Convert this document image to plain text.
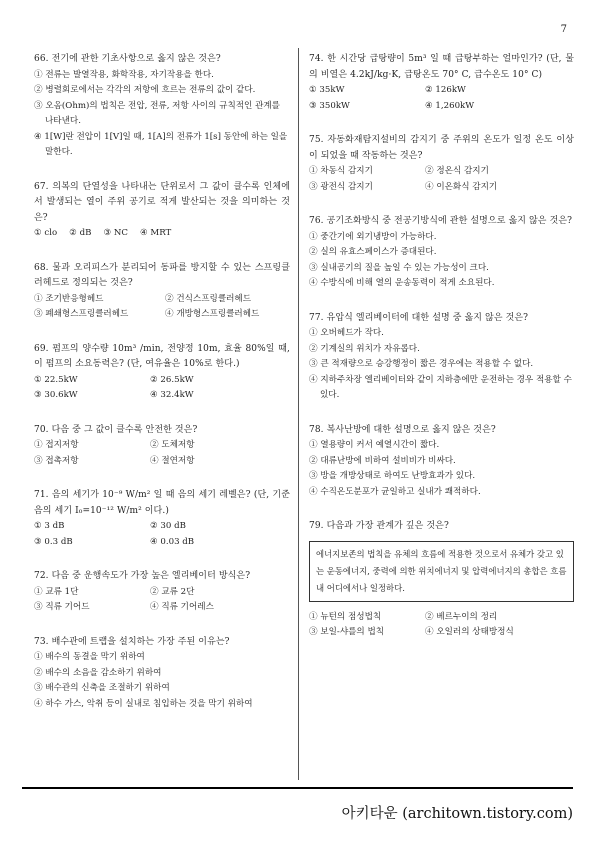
7
66. 전기에 관한 기초사항으로 옳지 않은 것은?
① 전류는 발열작용, 화학작용, 자기작용을 한다.
② 병렬회로에서는 각각의 저항에 흐르는 전류의 값이 같다.
③ 오옴(Ohm)의 법칙은 전압, 전류, 저항 사이의 규칙적인 관계를 나타낸다.
④ 1[W]란 전압이 1[V]일 때, 1[A]의 전류가 1[s] 동안에 하는 일을 말한다.
67. 의복의 단열성을 나타내는 단위로서 그 값이 클수록 인체에서 발생되는 열이 주위 공기로 적게 발산되는 것을 의미하는 것은?
① clo ② dB ③ NC ④ MRT
68. 물과 오리피스가 분리되어 동파를 방지할 수 있는 스프링클러헤드로 정의되는 것은?
① 조기반응형헤드	② 건식스프링클러헤드
③ 폐쇄형스프링클러헤드	④ 개방형스프링클러헤드
69. 펌프의 양수량 10m³ /min, 전양정 10m, 효율 80%일 때, 이 펌프의 소요동력은? (단, 여유율은 10%로 한다.)
① 22.5kW	② 26.5kW
③ 30.6kW	④ 32.4kW
70. 다음 중 그 값이 클수록 안전한 것은?
① 접지저항	② 도체저항
③ 접촉저항	④ 절연저항
71. 음의 세기가 10⁻⁹ W/m² 일 때 음의 세기 레벨은? (단, 기준음의 세기 I₀=10⁻¹² W/m² 이다.)
① 3 dB	② 30 dB
③ 0.3 dB	④ 0.03 dB
72. 다음 중 운행속도가 가장 높은 엘리베이터 방식은?
① 교류 1단	② 교류 2단
③ 직류 기어드	④ 직류 기어레스
73. 배수관에 트랩을 설치하는 가장 주된 이유는?
① 배수의 동결을 막기 위하여
② 배수의 소음을 감소하기 위하여
③ 배수관의 신축을 조절하기 위하여
④ 하수 가스, 악취 등이 실내로 침입하는 것을 막기 위하여
74. 한 시간당 급탕량이 5m³ 일 때 급탕부하는 얼마인가? (단, 물의 비열은 4.2kJ/kg·K, 급탕온도 70° C, 급수온도 10° C)
① 35kW	② 126kW
③ 350kW	④ 1,260kW
75. 자동화재탐지설비의 감지기 중 주위의 온도가 일정 온도 이상이 되었을 때 작동하는 것은?
① 차동식 감지기	② 정온식 감지기
③ 광전식 감지기	④ 이온화식 감지기
76. 공기조화방식 중 전공기방식에 관한 설명으로 옳지 않은 것은?
① 중간기에 외기냉방이 가능하다.
② 실의 유효스페이스가 증대된다.
③ 실내공기의 질을 높일 수 있는 가능성이 크다.
④ 수방식에 비해 열의 운송동력이 적게 소요된다.
77. 유압식 엘리베이터에 대한 설명 중 옳지 않은 것은?
① 오버헤드가 작다.
② 기계실의 위치가 자유롭다.
③ 큰 적재량으로 승강행정이 짧은 경우에는 적용할 수 없다.
④ 지하주차장 엘리베이터와 같이 지하층에만 운전하는 경우 적용할 수 있다.
78. 복사난방에 대한 설명으로 옳지 않은 것은?
① 열용량이 커서 예열시간이 짧다.
② 대류난방에 비하여 설비비가 비싸다.
③ 방을 개방상태로 하여도 난방효과가 있다.
④ 수직온도분포가 균일하고 실내가 쾌적하다.
79. 다음과 가장 관계가 깊은 것은?
에너지보존의 법칙을 유체의 흐름에 적용한 것으로서 유체가 갖고 있는 운동에너지, 중력에 의한 위치에너지 및 압력에너지의 총합은 흐름 내 어디에서나 일정하다.
① 뉴턴의 점성법칙	② 베르누이의 정리
③ 보일-샤를의 법칙	④ 오일러의 상태방정식
아키타운 (architown.tistory.com)
